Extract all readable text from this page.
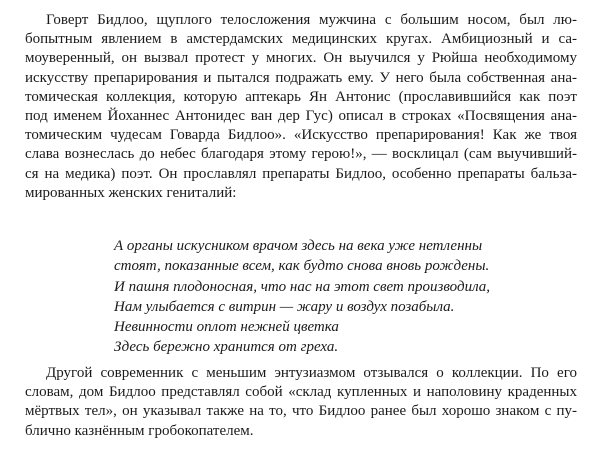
Говерт Бидлоо, щуплого телосложения мужчина с большим носом, был лю-
бопытным явлением в амстердамских медицинских кругах. Амбициозный и са-
моуверенный, он вызвал протест у многих. Он выучился у Рюйша необходимому
искусству препарирования и пытался подражать ему. У него была собственная ана-
томическая коллекция, которую аптекарь Ян Антонис (прославившийся как поэт
под именем Йоханнес Антонидес ван дер Гус) описал в строках «Посвящения ана-
томическим чудесам Говарда Бидлоо». «Искусство препарирования! Как же твоя
слава вознеслась до небес благодаря этому герою!», — восклицал (сам выучивший-
ся на медика) поэт. Он прославлял препараты Бидлоо, особенно препараты бальза-
мированных женских гениталий:
А органы искусником врачом здесь на века уже нетленны
стоят, показанные всем, как будто снова вновь рождены.
И пашня плодоносная, что нас на этот свет производила,
Нам улыбается с витрин — жару и воздух позабыла.
Невинности оплот нежней цветка
Здесь бережно хранится от греха.
Другой современник с меньшим энтузиазмом отзывался о коллекции. По его
словам, дом Бидлоо представлял собой «склад купленных и наполовину краденных
мёртвых тел», он указывал также на то, что Бидлоо ранее был хорошо знаком с пу-
блично казнённым гробокопателем.
